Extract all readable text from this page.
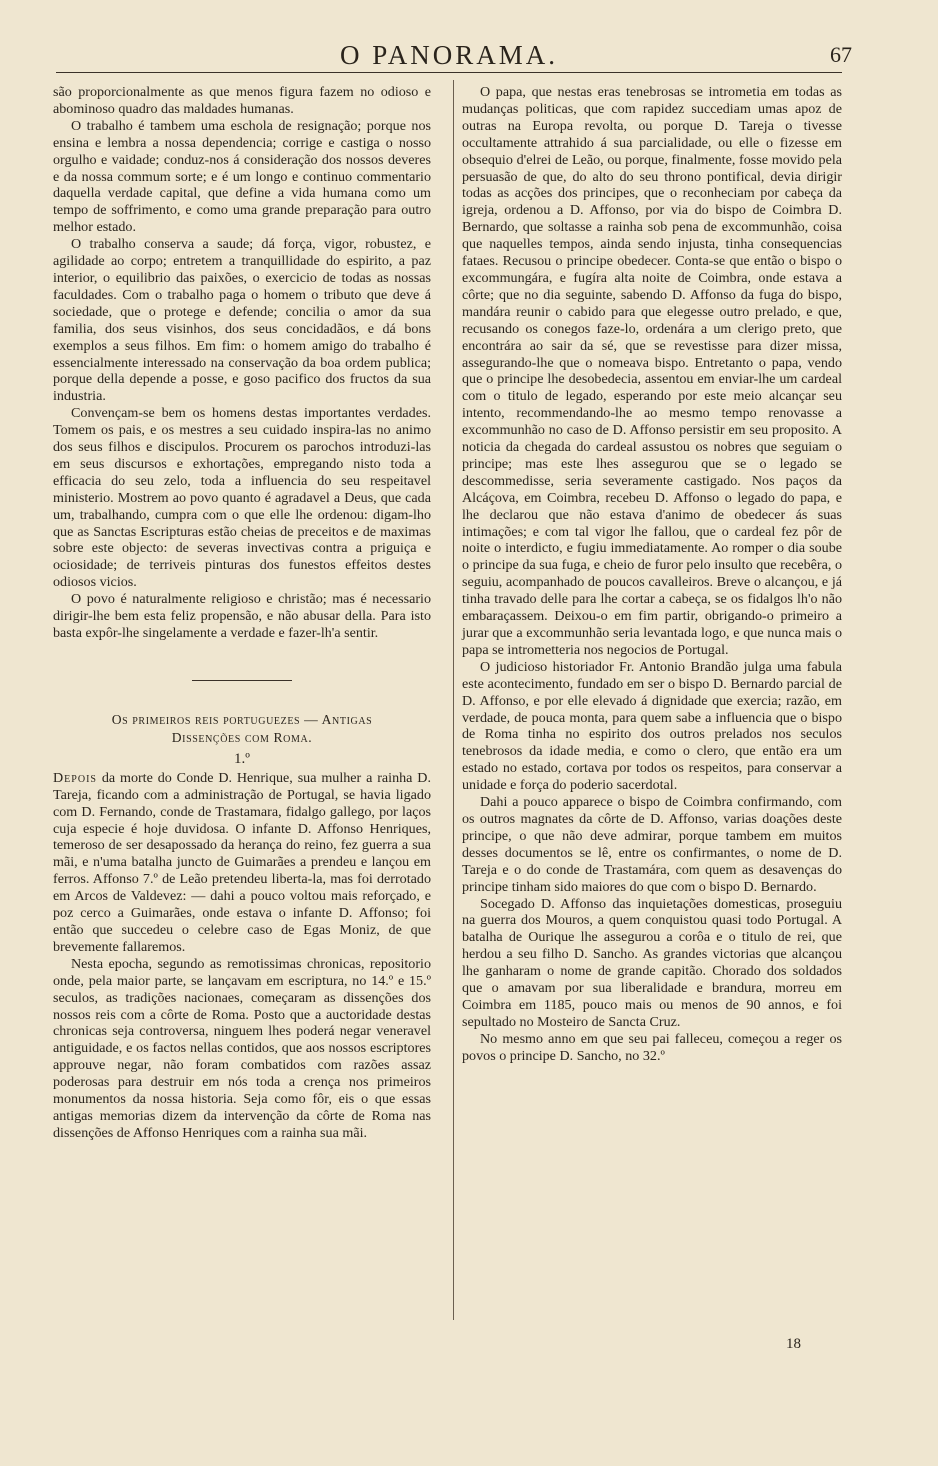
O PANORAMA.	67

são proporcionalmente as que menos figura fazem no odioso e abominoso quadro das maldades humanas.

O trabalho é tambem uma eschola de resignação; porque nos ensina e lembra a nossa dependencia; corrige e castiga o nosso orgulho e vaidade; conduz-nos á consideração dos nossos deveres e da nossa commum sorte; e é um longo e continuo commentario daquella verdade capital, que define a vida humana como um tempo de soffrimento, e como uma grande preparação para outro melhor estado.

O trabalho conserva a saude; dá força, vigor, robustez, e agilidade ao corpo; entretem a tranquillidade do espirito, a paz interior, o equilibrio das paixões, o exercicio de todas as nossas faculdades. Com o trabalho paga o homem o tributo que deve á sociedade, que o protege e defende; concilia o amor da sua familia, dos seus visinhos, dos seus concidadãos, e dá bons exemplos a seus filhos. Em fim: o homem amigo do trabalho é essencialmente interessado na conservação da boa ordem publica; porque della depende a posse, e goso pacifico dos fructos da sua industria.

Convençam-se bem os homens destas importantes verdades. Tomem os pais, e os mestres a seu cuidado inspira-las no animo dos seus filhos e discipulos. Procurem os parochos introduzi-las em seus discursos e exhortações, empregando nisto toda a efficacia do seu zelo, toda a influencia do seu respeitavel ministerio. Mostrem ao povo quanto é agradavel a Deus, que cada um, trabalhando, cumpra com o que elle lhe ordenou: digam-lho que as Sanctas Escripturas estão cheias de preceitos e de maximas sobre este objecto: de severas invectivas contra a priguiça e ociosidade; de terriveis pinturas dos funestos effeitos destes odiosos vicios.

O povo é naturalmente religioso e christão; mas é necessario dirigir-lhe bem esta feliz propensão, e não abusar della. Para isto basta expôr-lhe singelamente a verdade e fazer-lh'a sentir.

Os primeiros reis portuguezes — Antigas

Dissenções com Roma.

1.º

Depois da morte do Conde D. Henrique, sua mulher a rainha D. Tareja, ficando com a administração de Portugal, se havia ligado com D. Fernando, conde de Trastamara, fidalgo gallego, por laços cuja especie é hoje duvidosa. O infante D. Affonso Henriques, temeroso de ser desapossado da herança do reino, fez guerra a sua mãi, e n'uma batalha juncto de Guimarães a prendeu e lançou em ferros. Affonso 7.º de Leão pretendeu liberta-la, mas foi derrotado em Arcos de Valdevez: — dahi a pouco voltou mais reforçado, e poz cerco a Guimarães, onde estava o infante D. Affonso; foi então que succedeu o celebre caso de Egas Moniz, de que brevemente fallaremos.

Nesta epocha, segundo as remotissimas chronicas, repositorio onde, pela maior parte, se lançavam em escriptura, no 14.º e 15.º seculos, as tradições nacionaes, começaram as dissenções dos nossos reis com a côrte de Roma. Posto que a auctoridade destas chronicas seja controversa, ninguem lhes poderá negar veneravel antiguidade, e os factos nellas contidos, que aos nossos escriptores approuve negar, não foram combatidos com razões assaz poderosas para destruir em nós toda a crença nos primeiros monumentos da nossa historia. Seja como fôr, eis o que essas antigas memorias dizem da intervenção da côrte de Roma nas dissenções de Affonso Henriques com a rainha sua mãi.

O papa, que nestas eras tenebrosas se intrometia em todas as mudanças politicas, que com rapidez succediam umas apoz de outras na Europa revolta, ou porque D. Tareja o tivesse occultamente attrahido á sua parcialidade, ou elle o fizesse em obsequio d'elrei de Leão, ou porque, finalmente, fosse movido pela persuasão de que, do alto do seu throno pontifical, devia dirigir todas as acções dos principes, que o reconheciam por cabeça da igreja, ordenou a D. Affonso, por via do bispo de Coimbra D. Bernardo, que soltasse a rainha sob pena de excommunhão, coisa que naquelles tempos, ainda sendo injusta, tinha consequencias fataes. Recusou o principe obedecer. Conta-se que então o bispo o excommungára, e fugíra alta noite de Coimbra, onde estava a côrte; que no dia seguinte, sabendo D. Affonso da fuga do bispo, mandára reunir o cabido para que elegesse outro prelado, e que, recusando os conegos faze-lo, ordenára a um clerigo preto, que encontrára ao sair da sé, que se revestisse para dizer missa, assegurando-lhe que o nomeava bispo. Entretanto o papa, vendo que o principe lhe desobedecia, assentou em enviar-lhe um cardeal com o titulo de legado, esperando por este meio alcançar seu intento, recommendando-lhe ao mesmo tempo renovasse a excommunhão no caso de D. Affonso persistir em seu proposito. A noticia da chegada do cardeal assustou os nobres que seguiam o principe; mas este lhes assegurou que se o legado se descommedisse, seria severamente castigado. Nos paços da Alcáçova, em Coimbra, recebeu D. Affonso o legado do papa, e lhe declarou que não estava d'animo de obedecer ás suas intimações; e com tal vigor lhe fallou, que o cardeal fez pôr de noite o interdicto, e fugiu immediatamente. Ao romper o dia soube o principe da sua fuga, e cheio de furor pelo insulto que recebêra, o seguiu, acompanhado de poucos cavalleiros. Breve o alcançou, e já tinha travado delle para lhe cortar a cabeça, se os fidalgos lh'o não embaraçassem. Deixou-o em fim partir, obrigando-o primeiro a jurar que a excommunhão seria levantada logo, e que nunca mais o papa se intrometteria nos negocios de Portugal.

O judicioso historiador Fr. Antonio Brandão julga uma fabula este acontecimento, fundado em ser o bispo D. Bernardo parcial de D. Affonso, e por elle elevado á dignidade que exercia; razão, em verdade, de pouca monta, para quem sabe a influencia que o bispo de Roma tinha no espirito dos outros prelados nos seculos tenebrosos da idade media, e como o clero, que então era um estado no estado, cortava por todos os respeitos, para conservar a unidade e força do poderio sacerdotal.

Dahi a pouco apparece o bispo de Coimbra confirmando, com os outros magnates da côrte de D. Affonso, varias doações deste principe, o que não deve admirar, porque tambem em muitos desses documentos se lê, entre os confirmantes, o nome de D. Tareja e o do conde de Trastamára, com quem as desavenças do principe tinham sido maiores do que com o bispo D. Bernardo.

Socegado D. Affonso das inquietações domesticas, proseguiu na guerra dos Mouros, a quem conquistou quasi todo Portugal. A batalha de Ourique lhe assegurou a corôa e o titulo de rei, que herdou a seu filho D. Sancho. As grandes victorias que alcançou lhe ganharam o nome de grande capitão. Chorado dos soldados que o amavam por sua liberalidade e brandura, morreu em Coimbra em 1185, pouco mais ou menos de 90 annos, e foi sepultado no Mosteiro de Sancta Cruz.

No mesmo anno em que seu pai falleceu, começou a reger os povos o principe D. Sancho, no 32.º

18
